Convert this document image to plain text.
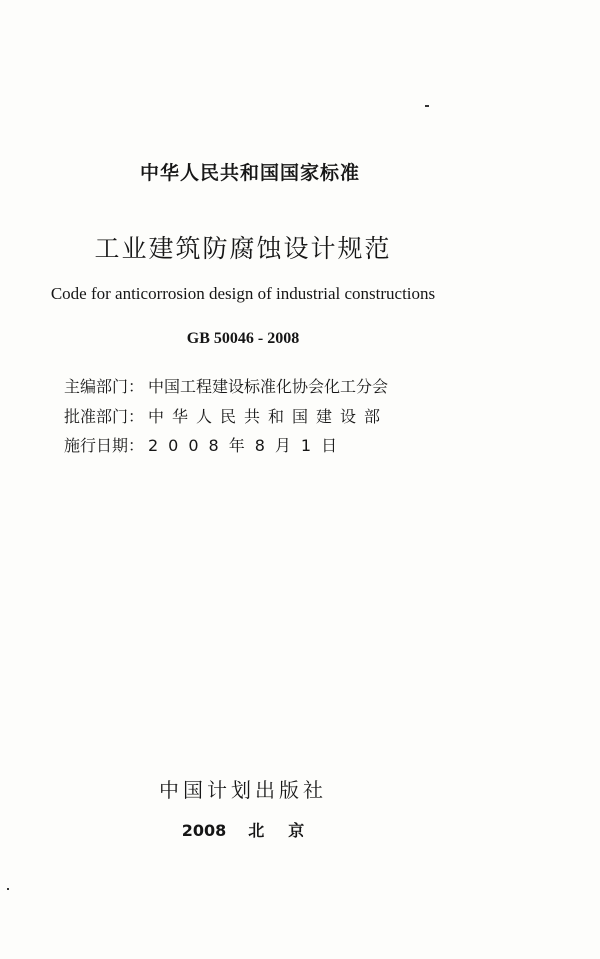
中华人民共和国国家标准
工业建筑防腐蚀设计规范
Code for anticorrosion design of industrial constructions
GB 50046 - 2008
主编部门： 中国工程建设标准化协会化工分会
批准部门： 中华人民共和国建设部
施行日期： 2008年8月1日
中国计划出版社
2008 北 京
